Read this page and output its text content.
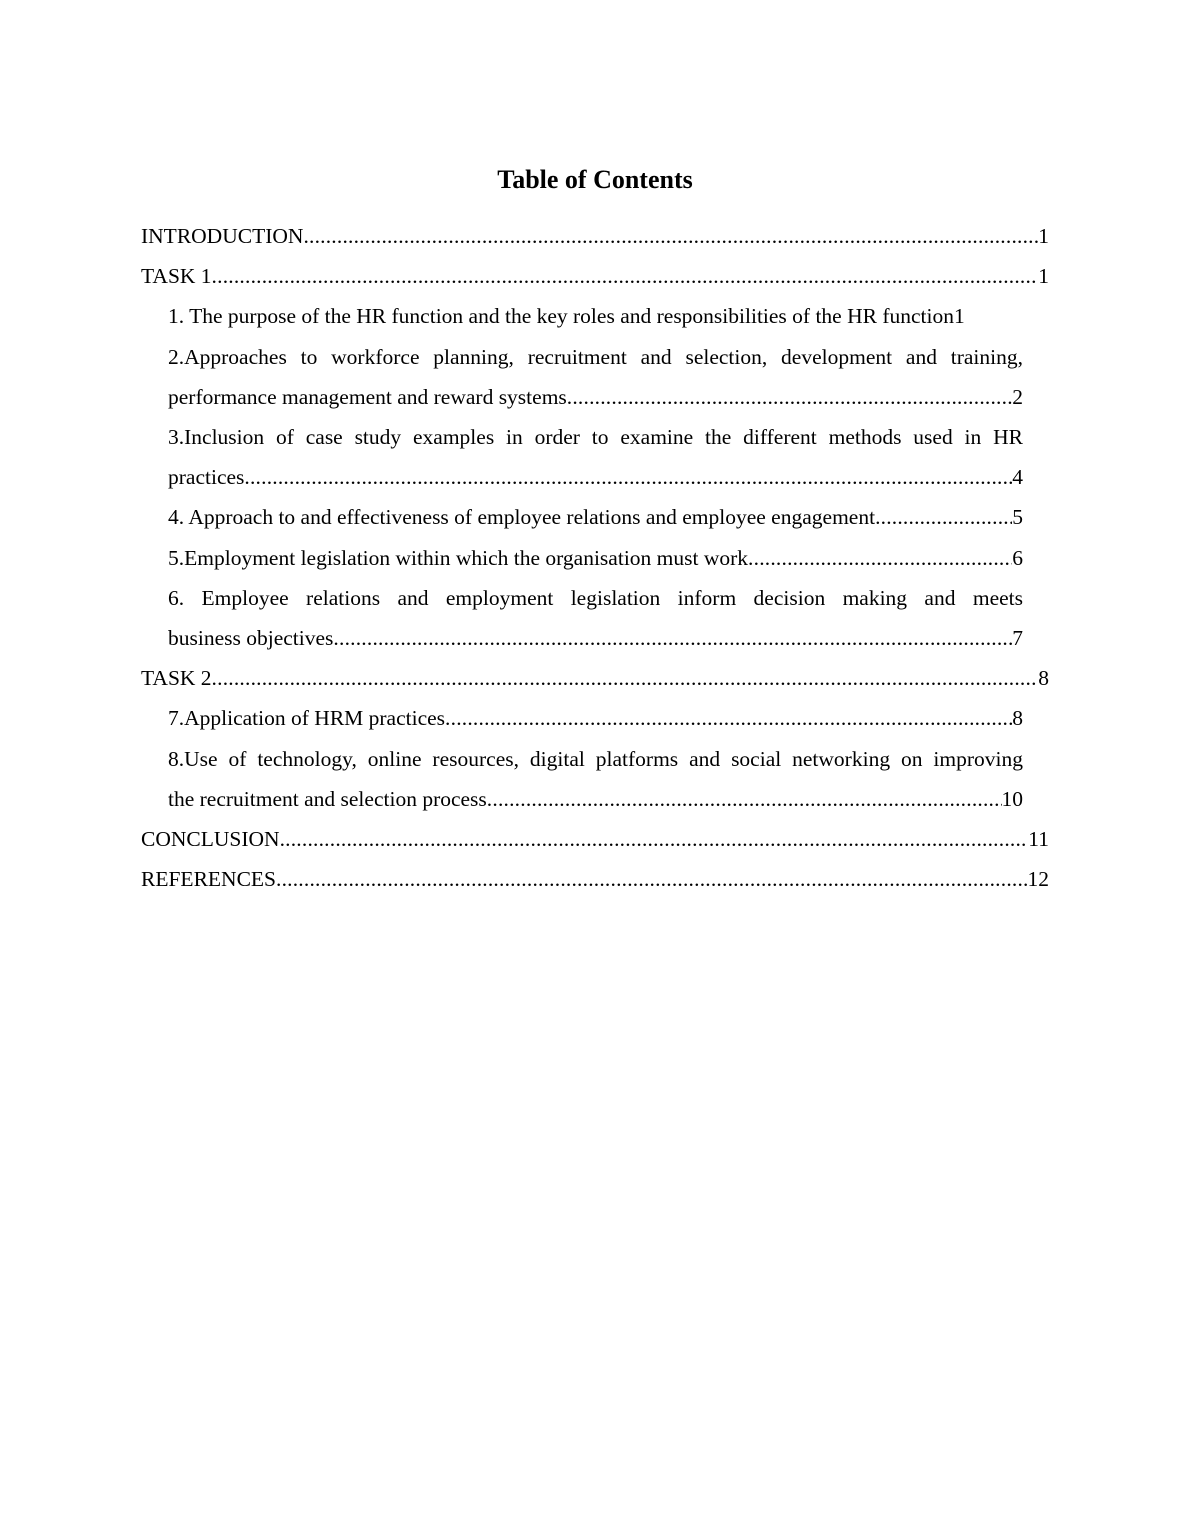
Table of Contents
INTRODUCTION .....	1
TASK 1 .....	1
1. The purpose of the HR function and the key roles and responsibilities of the HR function 1
2.Approaches to workforce planning, recruitment and selection, development and training,
performance management and reward systems .....	2
3.Inclusion of case study examples in order to examine the different methods used in HR
practices .....	4
4. Approach to and effectiveness of employee relations and employee engagement .....	5
5.Employment legislation within which the organisation must work .....	6
6. Employee relations and employment legislation inform decision making and meets
business objectives .....	7
TASK 2 .....	8
7.Application of HRM practices .....	8
8.Use of technology, online resources, digital platforms and social networking on improving
the recruitment and selection process .....	10
CONCLUSION .....	11
REFERENCES .....	12
